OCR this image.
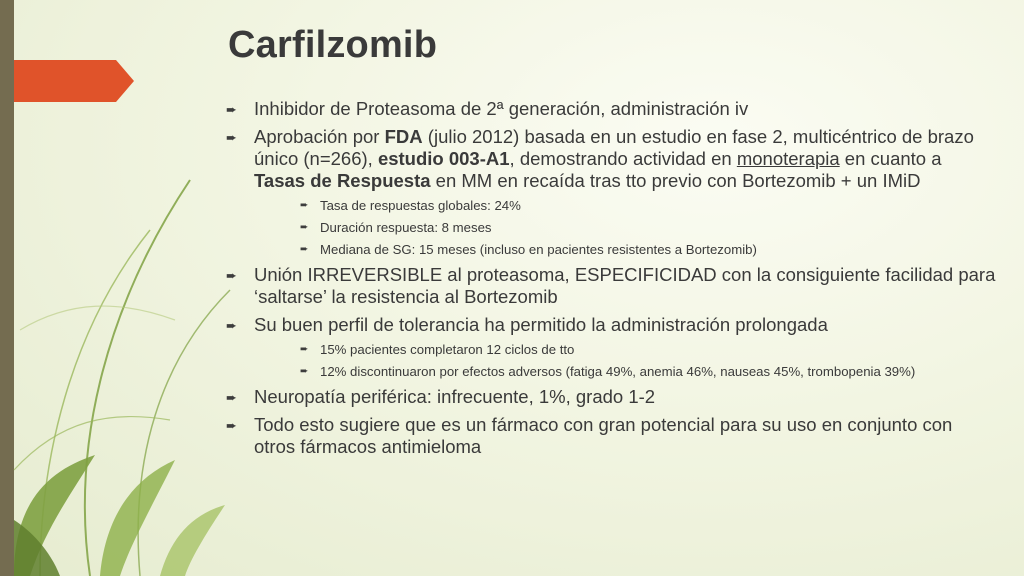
Carfilzomib
➨ Inhibidor de Proteasoma de 2ª generación, administración iv
➨ Aprobación por FDA (julio 2012) basada en un estudio en fase 2, multicéntrico de brazo único (n=266), estudio 003-A1, demostrando actividad en monoterapia en cuanto a Tasas de Respuesta en MM en recaída tras tto previo con Bortezomib + un IMiD
➨ Tasa de respuestas globales: 24%
➨ Duración respuesta: 8 meses
➨ Mediana de SG: 15 meses (incluso en pacientes resistentes a Bortezomib)
➨ Unión IRREVERSIBLE al proteasoma, ESPECIFICIDAD con la consiguiente facilidad para ‘saltarse’ la resistencia al Bortezomib
➨ Su buen perfil de tolerancia ha permitido la administración prolongada
➨ 15% pacientes completaron 12 ciclos de tto
➨ 12% discontinuaron por efectos adversos (fatiga 49%, anemia 46%, nauseas 45%, trombopenia 39%)
➨ Neuropatía periférica: infrecuente, 1%, grado 1-2
➨ Todo esto sugiere que es un fármaco con gran potencial para su uso en conjunto con otros fármacos antimieloma
